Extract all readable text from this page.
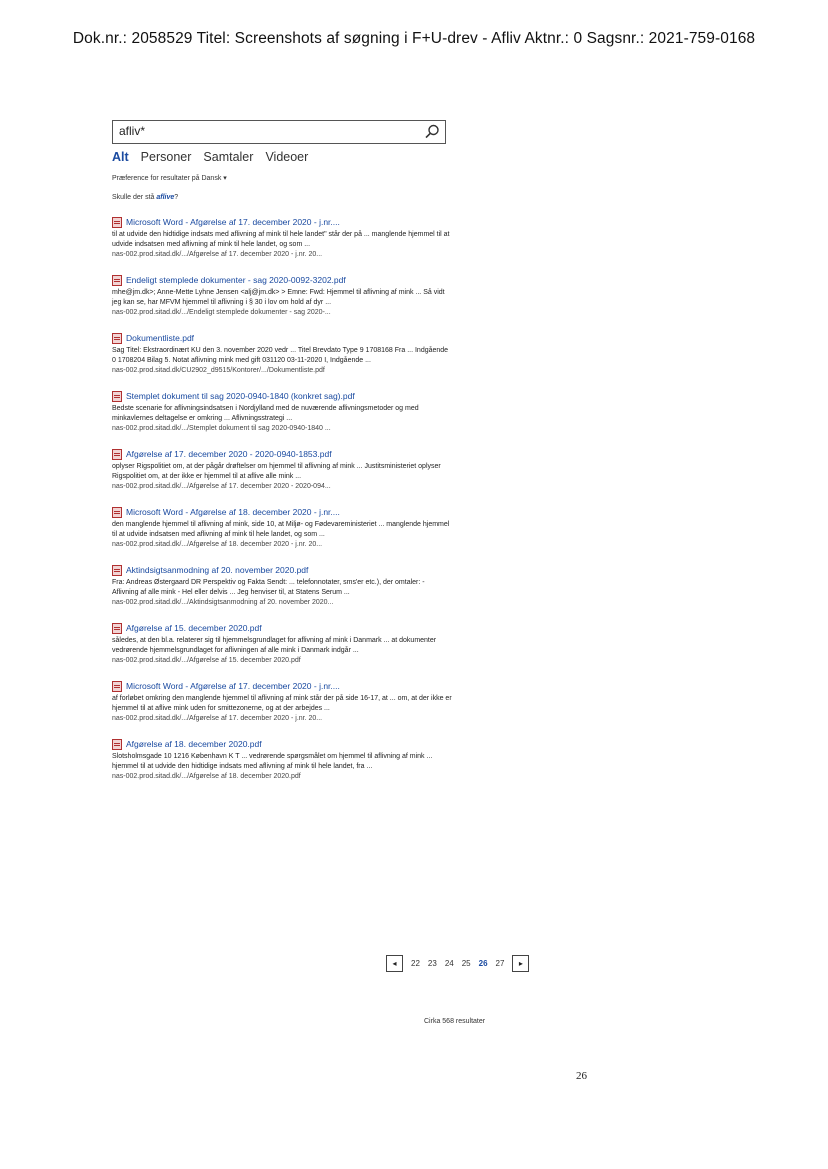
Dok.nr.: 2058529 Titel: Screenshots af søgning i F+U-drev - Afliv Aktnr.: 0 Sagsnr.: 2021-759-0168
afliv*
Alt Personer Samtaler Videoer
Præference for resultater på Dansk ▾
Skulle der stå aflive?
Microsoft Word - Afgørelse af 17. december 2020 - j.nr....
til at udvide den hidtidige indsats med aflivning af mink til hele landet" står der på ... manglende hjemmel til at udvide indsatsen med aflivning af mink til hele landet, og som ...
nas-002.prod.sitad.dk/.../Afgørelse af 17. december 2020 - j.nr. 20...
Endeligt stemplede dokumenter - sag 2020-0092-3202.pdf
mhe@jm.dk>; Anne-Mette Lyhne Jensen <alj@jm.dk> > Emne: Fwd: Hjemmel til aflivning af mink ... Så vidt jeg kan se, har MFVM hjemmel til aflivning i § 30 i lov om hold af dyr ...
nas-002.prod.sitad.dk/.../Endeligt stemplede dokumenter - sag 2020-...
Dokumentliste.pdf
Sag Titel: Ekstraordinært KU den 3. november 2020 vedr ... Titel Brevdato Type 9 1708168 Fra ... Indgående 0 1708204 Bilag 5. Notat aflivning mink med gift 031120 03-11-2020 I, Indgående ...
nas-002.prod.sitad.dk/CU2902_d9515/Kontorer/.../Dokumentliste.pdf
Stemplet dokument til sag 2020-0940-1840 (konkret sag).pdf
Bedste scenarie for aflivningsindsatsen i Nordjylland med de nuværende aflivningsmetoder og med minkavlernes deltagelse er omkring ... Aflivningsstrategi ...
nas-002.prod.sitad.dk/.../Stemplet dokument til sag 2020-0940-1840 ...
Afgørelse af 17. december 2020 - 2020-0940-1853.pdf
oplyser Rigspolitiet om, at der pågår drøftelser om hjemmel til aflivning af mink ... Justitsministeriet oplyser Rigspolitiet om, at der ikke er hjemmel til at aflive alle mink ...
nas-002.prod.sitad.dk/.../Afgørelse af 17. december 2020 - 2020-094...
Microsoft Word - Afgørelse af 18. december 2020 - j.nr....
den manglende hjemmel til aflivning af mink, side 10, at Miljø- og Fødevareministeriet ... manglende hjemmel til at udvide indsatsen med aflivning af mink til hele landet, og som ...
nas-002.prod.sitad.dk/.../Afgørelse af 18. december 2020 - j.nr. 20...
Aktindsigtsanmodning af 20. november 2020.pdf
Fra: Andreas Østergaard DR Perspektiv og Fakta Sendt: ... telefonnotater, sms'er etc.), der omtaler: - Aflivning af alle mink - Hel eller delvis ... Jeg henviser til, at Statens Serum ...
nas-002.prod.sitad.dk/.../Aktindsigtsanmodning af 20. november 2020...
Afgørelse af 15. december 2020.pdf
således, at den bl.a. relaterer sig til hjemmelsgrundlaget for aflivning af mink i Danmark ... at dokumenter vedrørende hjemmelsgrundlaget for aflivningen af alle mink i Danmark indgår ...
nas-002.prod.sitad.dk/.../Afgørelse af 15. december 2020.pdf
Microsoft Word - Afgørelse af 17. december 2020 - j.nr....
af forløbet omkring den manglende hjemmel til aflivning af mink står der på side 16-17, at ... om, at der ikke er hjemmel til at aflive mink uden for smittezonerne, og at der arbejdes ...
nas-002.prod.sitad.dk/.../Afgørelse af 17. december 2020 - j.nr. 20...
Afgørelse af 18. december 2020.pdf
Slotsholmsgade 10 1216 København K T ... vedrørende spørgsmålet om hjemmel til aflivning af mink ... hjemmel til at udvide den hidtidige indsats med aflivning af mink til hele landet, fra ...
nas-002.prod.sitad.dk/.../Afgørelse af 18. december 2020.pdf
◂	22 23 24 25 26 27	▸
Cirka 568 resultater
26
